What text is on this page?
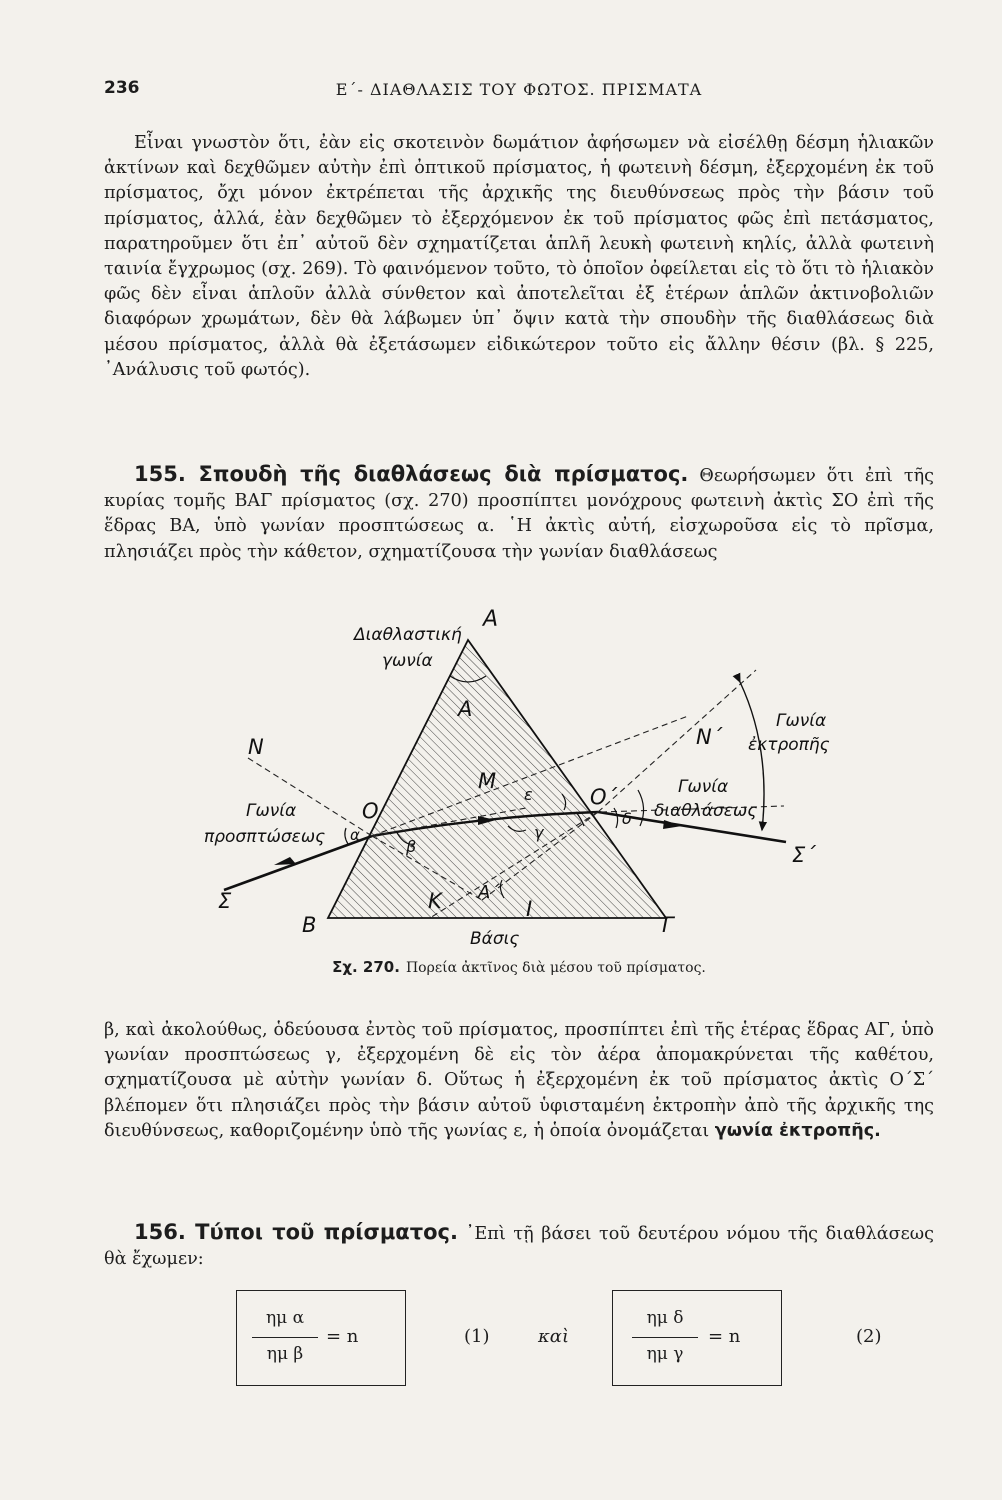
236	Ε΄- ΔΙΑΘΛΑΣΙΣ ΤΟΥ ΦΩΤΟΣ. ΠΡΙΣΜΑΤΑ

Εἶναι γνωστὸν ὅτι, ἐὰν εἰς σκοτεινὸν δωμάτιον ἀφήσωμεν νὰ εἰσέλθῃ δέσμη ἡλιακῶν ἀκτίνων καὶ δεχθῶμεν αὐτὴν ἐπὶ ὀπτικοῦ πρίσματος, ἡ φωτεινὴ δέσμη, ἐξερχομένη ἐκ τοῦ πρίσματος, ὄχι μόνον ἐκτρέπεται τῆς ἀρχικῆς της διευθύνσεως πρὸς τὴν βάσιν τοῦ πρίσματος, ἀλλά, ἐὰν δεχθῶμεν τὸ ἐξερχόμενον ἐκ τοῦ πρίσματος φῶς ἐπὶ πετάσματος, παρατηροῦμεν ὅτι ἐπ᾽ αὐτοῦ δὲν σχηματίζεται ἁπλῆ λευκὴ φωτεινὴ κηλίς, ἀλλὰ φωτεινὴ ταινία ἔγχρωμος (σχ. 269). Τὸ φαινόμενον τοῦτο, τὸ ὁποῖον ὀφείλεται εἰς τὸ ὅτι τὸ ἡλιακὸν φῶς δὲν εἶναι ἁπλοῦν ἀλλὰ σύνθετον καὶ ἀποτελεῖται ἐξ ἑτέρων ἁπλῶν ἀκτινοβολιῶν διαφόρων χρωμάτων, δὲν θὰ λάβωμεν ὑπ᾽ ὄψιν κατὰ τὴν σπουδὴν τῆς διαθλάσεως διὰ μέσου πρίσματος, ἀλλὰ θὰ ἐξετάσωμεν εἰδικώτερον τοῦτο εἰς ἄλλην θέσιν (βλ. § 225, ᾿Ανάλυσις τοῦ φωτός).

155. Σπουδὴ τῆς διαθλάσεως διὰ πρίσματος. Θεωρήσωμεν ὅτι ἐπὶ τῆς κυρίας τομῆς ΒΑΓ πρίσματος (σχ. 270) προσπίπτει μονόχρους φωτεινὴ ἀκτὶς ΣΟ ἐπὶ τῆς ἕδρας ΒΑ, ὑπὸ γωνίαν προσπτώσεως α. ῾Η ἀκτὶς αὐτή, εἰσχωροῦσα εἰς τὸ πρῖσμα, πλησιάζει πρὸς τὴν κάθετον, σχηματίζουσα τὴν γωνίαν διαθλάσεως

Διαθλαστική
γωνία
Α
Α
Ν	Ν΄
Μ
ε
Ο
Ο΄
β
γ
δ
Κ Α΄
Ι
Β	Γ
Βάσις
Σ
Σ΄
α
Γωνία
προσπτώσεως
Γωνία
ἐκτροπῆς
Γωνία
διαθλάσεως
Σχ. 270. Πορεία ἀκτῖνος διὰ μέσου τοῦ πρίσματος.

β, καὶ ἀκολούθως, ὁδεύουσα ἐντὸς τοῦ πρίσματος, προσπίπτει ἐπὶ τῆς ἑτέρας ἕδρας ΑΓ, ὑπὸ γωνίαν προσπτώσεως γ, ἐξερχομένη δὲ εἰς τὸν ἀέρα ἀπομακρύνεται τῆς καθέτου, σχηματίζουσα μὲ αὐτὴν γωνίαν δ. Οὕτως ἡ ἐξερχομένη ἐκ τοῦ πρίσματος ἀκτὶς Ο΄Σ΄ βλέπομεν ὅτι πλησιάζει πρὸς τὴν βάσιν αὐτοῦ ὑφισταμένη ἐκτροπὴν ἀπὸ τῆς ἀρχικῆς της διευθύνσεως, καθοριζομένην ὑπὸ τῆς γωνίας ε, ἡ ὁποία ὀνομάζεται γωνία ἐκτροπῆς.

156. Τύποι τοῦ πρίσματος. ᾿Επὶ τῇ βάσει τοῦ δευτέρου νόμου τῆς διαθλάσεως θὰ ἔχωμεν:

ημ α
ημ β
= n	(1)	καὶ
ημ δ
ημ γ
= n	(2)
